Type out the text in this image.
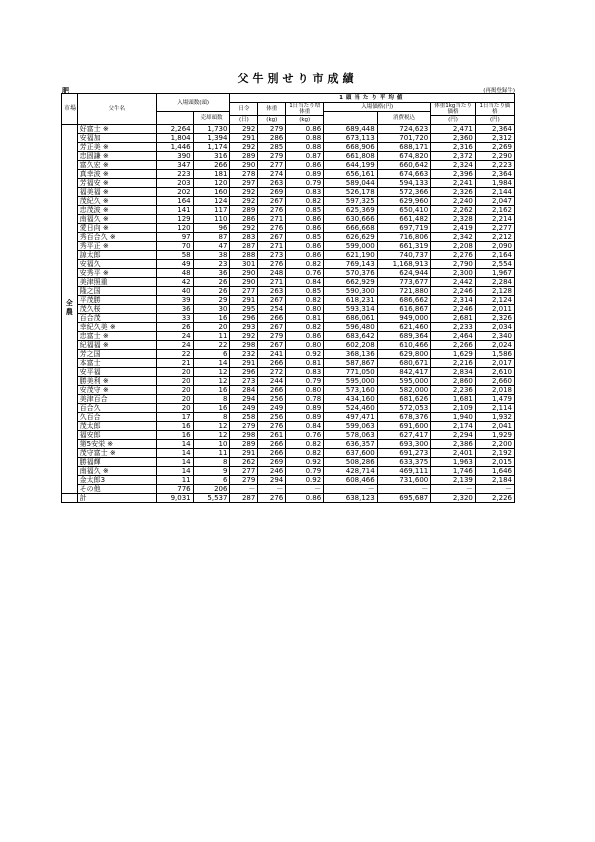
父牛別せり市成績
肥	(再掲登録牛)
市場	父牛名	入場頭数(頭)		1頭当たり平均値						
				日令	体重	1日当たり増体重	入場価格(円)		体重1kg当たり価格	1日当たり価格
			売却頭数					消費税込		
				(日)	(kg)	(kg)			(円)	(円)
全農	好富士 ※	2,264	1,730	292	279	0.86	689,448	724,623	2,471	2,364
	安福加	1,804	1,394	291	286	0.88	673,113	701,720	2,360	2,312
	芳正美 ※	1,446	1,174	292	285	0.88	668,906	688,171	2,316	2,269
	忠固謙 ※	390	316	289	279	0.87	661,808	674,820	2,372	2,290
	富久宏 ※	347	266	290	277	0.86	644,199	660,642	2,324	2,223
	真幸波 ※	223	181	278	274	0.89	656,161	674,663	2,396	2,364
	芳福安 ※	203	120	297	263	0.79	589,044	594,133	2,241	1,984
	福美福 ※	202	160	292	269	0.83	526,178	572,366	2,326	2,144
	茂紀久 ※	164	124	292	267	0.82	597,325	629,960	2,240	2,047
	忠茂波 ※	141	117	289	276	0.85	625,369	650,410	2,262	2,162
	南福久 ※	129	110	286	271	0.86	630,666	661,482	2,328	2,214
	愛日向 ※	120	96	292	276	0.86	666,668	697,719	2,419	2,277
	秀百合久 ※	97	87	283	267	0.85	626,629	716,806	2,342	2,212
	秀平正 ※	70	47	287	271	0.86	599,000	661,319	2,208	2,090
	諒太郎	58	38	288	273	0.86	621,190	740,737	2,276	2,164
	安福久	49	23	301	276	0.82	769,143	1,168,913	2,790	2,554
	安秀平 ※	48	36	290	248	0.76	570,376	624,944	2,300	1,967
	美津照重	42	26	290	271	0.84	662,929	773,677	2,442	2,284
	隆之国	40	26	277	263	0.85	590,300	721,880	2,246	2,128
	平茂勝	39	29	291	267	0.82	618,231	686,662	2,314	2,124
	茂久桜	36	30	295	254	0.80	593,314	616,867	2,246	2,011
	百合茂	33	16	296	266	0.81	686,061	949,000	2,681	2,326
	幸紀久美 ※	26	20	293	267	0.82	596,480	621,460	2,233	2,034
	忠富士 ※	24	11	292	279	0.86	683,642	689,364	2,464	2,340
	紀福福 ※	24	22	298	267	0.80	602,208	610,466	2,266	2,024
	芳之国	22	6	232	241	0.92	368,136	629,800	1,629	1,586
	本富士	21	14	291	266	0.81	587,867	680,671	2,216	2,017
	安平福	20	12	296	272	0.83	771,050	842,417	2,834	2,610
	勝美利 ※	20	12	273	244	0.79	595,000	595,000	2,860	2,660
	安茂守 ※	20	16	284	266	0.80	573,160	582,000	2,236	2,018
	美津百合	20	8	294	256	0.78	434,160	681,626	1,681	1,479
	百合久	20	16	249	249	0.89	524,460	572,053	2,109	2,114
	久百合	17	8	258	256	0.89	497,471	678,376	1,940	1,932
	茂太郎	16	12	279	276	0.84	599,063	691,600	2,174	2,041
	福安郎	16	12	298	261	0.76	578,063	627,417	2,294	1,929
	第5安栄 ※	14	10	289	266	0.82	636,357	693,300	2,386	2,200
	茂守富士 ※	14	11	291	266	0.82	637,600	691,273	2,401	2,192
	勝福輝	14	8	262	269	0.92	508,286	633,375	1,963	2,015
	南福久 ※	14	9	277	246	0.79	428,714	469,111	1,746	1,646
	金太郎3	11	6	279	294	0.92	608,466	731,600	2,139	2,184
	その他	776	206	－	－	－	－	－	－	－
	計	9,031	5,537	287	276	0.86	638,123	695,687	2,320	2,226
